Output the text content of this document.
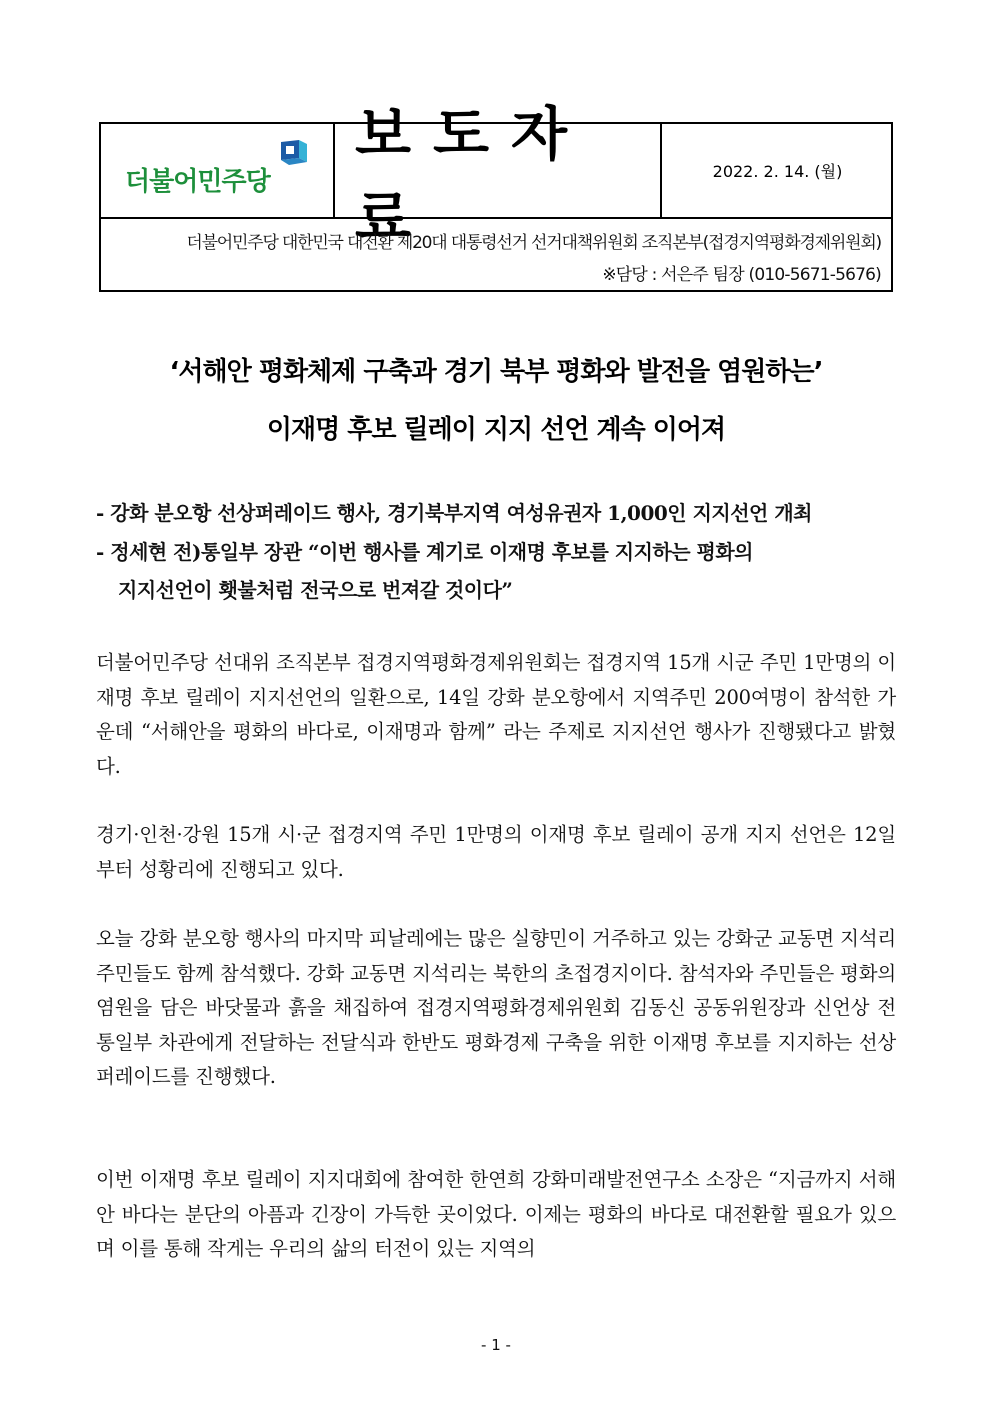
더불어민주당
보도자료
2022. 2. 14. (월)
더불어민주당 대한민국 대전환 제20대 대통령선거 선거대책위원회 조직본부(접경지역평화경제위원회)
※담당 : 서은주 팀장 (010-5671-5676)
‘서해안 평화체제 구축과 경기 북부 평화와 발전을 염원하는’
이재명 후보 릴레이 지지 선언 계속 이어져
- 강화 분오항 선상퍼레이드 행사, 경기북부지역 여성유권자 1,000인 지지선언 개최
- 정세현 전)통일부 장관 “이번 행사를 계기로 이재명 후보를 지지하는 평화의
지지선언이 횃불처럼 전국으로 번져갈 것이다”
더불어민주당 선대위 조직본부 접경지역평화경제위원회는 접경지역 15개 시군 주민 1만명의 이재명 후보 릴레이 지지선언의 일환으로, 14일 강화 분오항에서 지역주민 200여명이 참석한 가운데 “서해안을 평화의 바다로, 이재명과 함께” 라는 주제로 지지선언 행사가 진행됐다고 밝혔다.
경기·인천·강원 15개 시·군 접경지역 주민 1만명의 이재명 후보 릴레이 공개 지지 선언은 12일부터 성황리에 진행되고 있다.
오늘 강화 분오항 행사의 마지막 피날레에는 많은 실향민이 거주하고 있는 강화군 교동면 지석리 주민들도 함께 참석했다. 강화 교동면 지석리는 북한의 초접경지이다. 참석자와 주민들은 평화의 염원을 담은 바닷물과 흙을 채집하여 접경지역평화경제위원회 김동신 공동위원장과 신언상 전 통일부 차관에게 전달하는 전달식과 한반도 평화경제 구축을 위한 이재명 후보를 지지하는 선상 퍼레이드를 진행했다.
이번 이재명 후보 릴레이 지지대회에 참여한 한연희 강화미래발전연구소 소장은 “지금까지 서해안 바다는 분단의 아픔과 긴장이 가득한 곳이었다. 이제는 평화의 바다로 대전환할 필요가 있으며 이를 통해 작게는 우리의 삶의 터전이 있는 지역의
- 1 -
